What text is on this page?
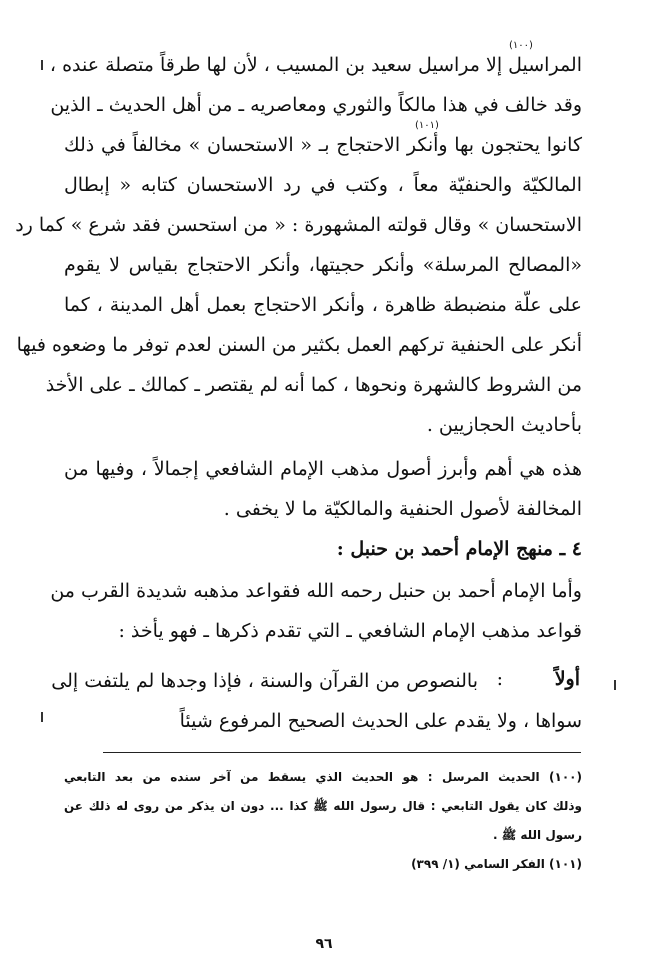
المراسيل إلا مراسيل سعيد بن المسيب ، لأن لها طرقاً متصلة عنده ،
وقد خالف في هذا مالكاً والثوري ومعاصريه ـ من أهل الحديث ـ الذين
كانوا يحتجون بها وأنكر الاحتجاج بـ « الاستحسان » مخالفاً في ذلك
المالكيّة والحنفيّة معاً ، وكتب في رد الاستحسان كتابه « إبطال
الاستحسان » وقال قولته المشهورة : « من استحسن فقد شرع » كما رد
«المصالح المرسلة» وأنكر حجيتها، وأنكر الاحتجاج بقياس لا يقوم
على علّة منضبطة ظاهرة ، وأنكر الاحتجاج بعمل أهل المدينة ، كما
أنكر على الحنفية تركهم العمل بكثير من السنن لعدم توفر ما وضعوه فيها
من الشروط كالشهرة ونحوها ، كما أنه لم يقتصر ـ كمالك ـ على الأخذ
بأحاديث الحجازيين .
(١٠٠)
(١٠١)
هذه هي أهم وأبرز أصول مذهب الإمام الشافعي إجمالاً ، وفيها من
المخالفة لأصول الحنفية والمالكيّة ما لا يخفى .
٤ ـ منهج الإمام أحمد بن حنبل :
وأما الإمام أحمد بن حنبل رحمه الله فقواعد مذهبه شديدة القرب من
قواعد مذهب الإمام الشافعي ـ التي تقدم ذكرها ـ فهو يأخذ :
أولاً
:
بالنصوص من القرآن والسنة ، فإذا وجدها لم يلتفت إلى
سواها ، ولا يقدم على الحديث الصحيح المرفوع شيئاً
(١٠٠) الحديث المرسل : هو الحديث الذي يسقط من آخر سنده من بعد التابعي
وذلك كان يقول التابعي : قال رسول الله ﷺ كذا ... دون ان يذكر من روى له ذلك عن
رسول الله ﷺ .
(١٠١) الفكر السامي (١/ ٣٩٩)
٩٦
